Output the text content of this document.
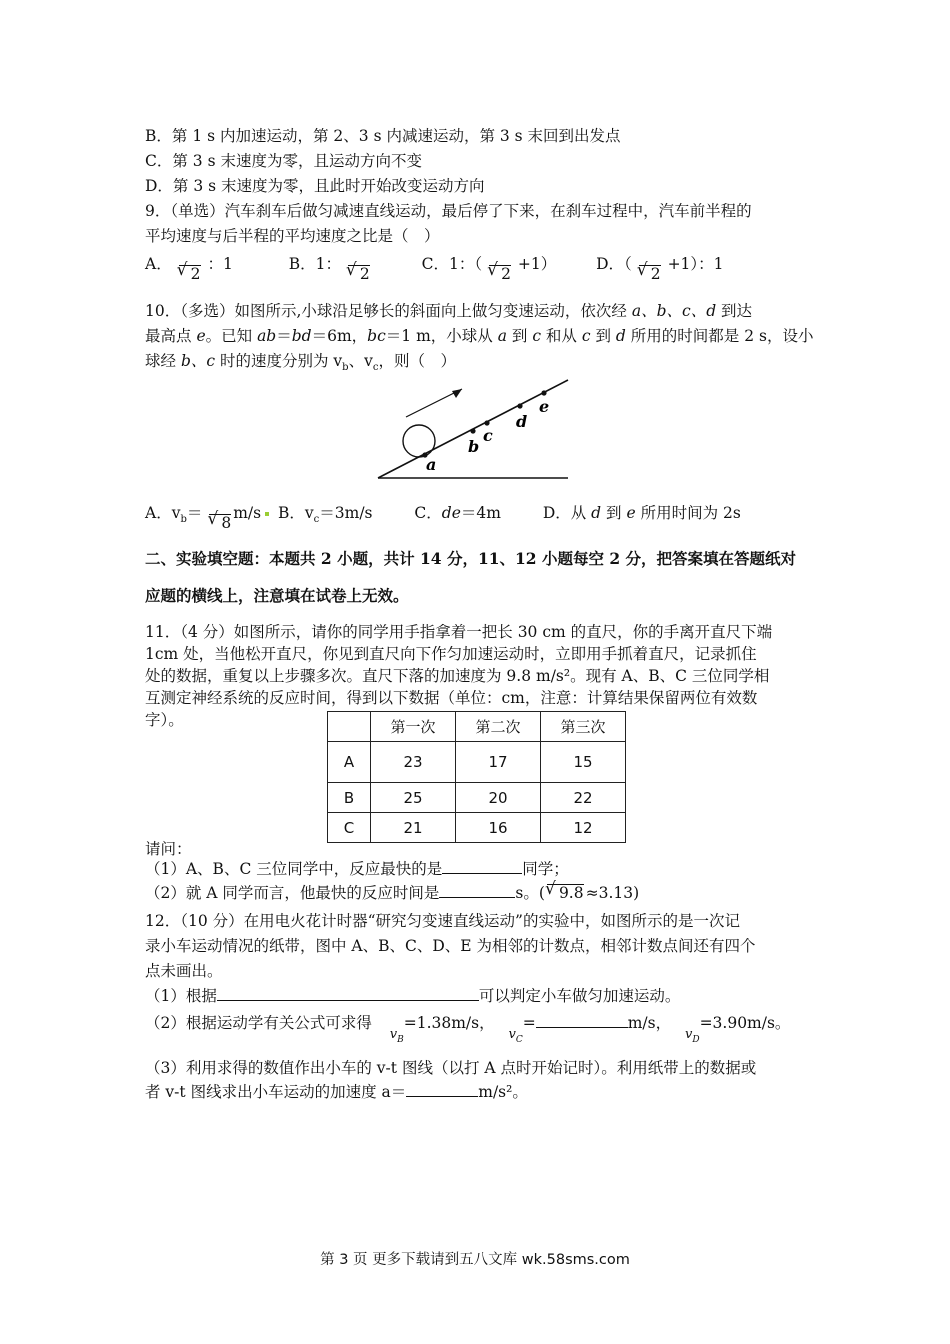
B．第 1 s 内加速运动，第 2、3 s 内减速运动，第 3 s 末回到出发点
C．第 3 s 末速度为零，且运动方向不变
D．第 3 s 末速度为零，且此时开始改变运动方向
9．（单选）汽车刹车后做匀减速直线运动，最后停了下来，在刹车过程中，汽车前半程的
平均速度与后半程的平均速度之比是（　）
A． √ 2 ：1	B．1： √ 2  C．1：（ √ 2 +1）	D．（ √ 2 +1）：1
10．（多选）如图所示,小球沿足够长的斜面向上做匀变速运动，依次经 a、b、c、d 到达
最高点 e。已知 ab＝bd＝6m，bc＝1 m，小球从 a 到 c 和从 c 到 d 所用的时间都是 2 s，设小
球经 b、c 时的速度分别为 $v_b$、$v_c$，则（　）
a
b
c
d
e
A．$v_b=$ √ 8m/s B．$v_c=3m/s$	C．de＝4m	D．从 d 到 e 所用时间为 2s
二、实验填空题：本题共 2 小题，共计 14 分，11、12 小题每空 2 分，把答案填在答题纸对
应题的横线上，注意填在试卷上无效。
11．（4 分）如图所示，请你的同学用手指拿着一把长 30 cm 的直尺，你的手离开直尺下端
1cm 处，当他松开直尺，你见到直尺向下作匀加速运动时，立即用手抓着直尺，记录抓住
处的数据，重复以上步骤多次。直尺下落的加速度为 9.8 m/s²。现有 A、B、C 三位同学相
互测定神经系统的反应时间，得到以下数据（单位：cm，注意：计算结果保留两位有效数
字）。
		第一次	第二次	第三次
A	23	17	15
B	25	20	22
C	21	16	12
请问：
（1）A、B、C 三位同学中，反应最快的是	同学；
（2）就 A 同学而言，他最快的反应时间是	s。( √ 9.8 ≈3.13)
12．（10 分）在用电火花计时器“研究匀变速直线运动”的实验中，如图所示的是一次记
录小车运动情况的纸带，图中 A、B、C、D、E 为相邻的计数点，相邻计数点间还有四个
点未画出。
（1）根据	可以判定小车做匀加速运动。
（2）根据运动学有关公式可求得  $_{vB}$=1.38m/s，  $_{vC}$=	m/s，  $_{vD}$=3.90m/s。
（3）利用求得的数值作出小车的 v-t 图线（以打 A 点时开始记时）。利用纸带上的数据或
者 v-t 图线求出小车运动的加速度 a＝	m/s²。
第 3 页 更多下载请到五八文库 wk.58sms.com
